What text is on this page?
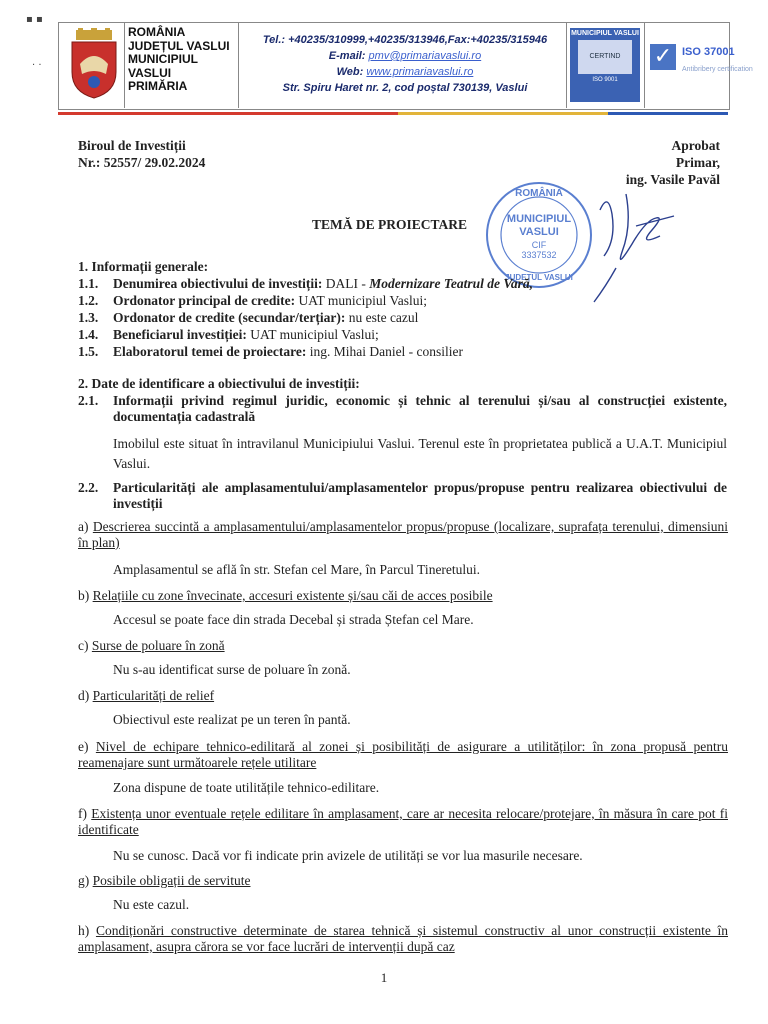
▪ ▪
· ·
ROMÂNIA
JUDEȚUL VASLUI
MUNICIPIUL
VASLUI
PRIMĂRIA
Tel.: +40235/310999,+40235/313946,Fax:+40235/315946
E-mail: pmv@primariavaslui.ro
Web: www.primariavaslui.ro
Str. Spiru Haret nr. 2, cod poștal 730139, Vaslui
MUNICIPIUL VASLUI
CERTIND
ISO 9001
✓ ISO 37001
Antibribery certification
Biroul de Investiții
Nr.: 52557/ 29.02.2024
Aprobat
Primar,
ing. Vasile Pavăl
ROMÂNIA
MUNICIPIUL
VASLUI
CIF
3337532
JUDEȚUL VASLUI
TEMĂ DE PROIECTARE
1. Informații generale:
1.1. Denumirea obiectivului de investiții: DALI - Modernizare Teatrul de Vară,
1.2. Ordonator principal de credite: UAT municipiul Vaslui;
1.3. Ordonator de credite (secundar/terțiar): nu este cazul
1.4. Beneficiarul investiției: UAT municipiul Vaslui;
1.5. Elaboratorul temei de proiectare: ing. Mihai Daniel - consilier
2. Date de identificare a obiectivului de investiții:
2.1. Informații privind regimul juridic, economic și tehnic al terenului și/sau al construcției existente, documentația cadastrală
Imobilul este situat în intravilanul Municipiului Vaslui. Terenul este în proprietatea publică a U.A.T. Municipiul Vaslui.
2.2. Particularități ale amplasamentului/amplasamentelor propus/propuse pentru realizarea obiectivului de investiții
a) Descrierea succintă a amplasamentului/amplasamentelor propus/propuse (localizare, suprafața terenului, dimensiuni în plan)
Amplasamentul se află în str. Stefan cel Mare, în Parcul Tineretului.
b) Relațiile cu zone învecinate, accesuri existente și/sau căi de acces posibile
Accesul se poate face din strada Decebal și strada Ștefan cel Mare.
c) Surse de poluare în zonă
Nu s-au identificat surse de poluare în zonă.
d) Particularități de relief
Obiectivul este realizat pe un teren în pantă.
e) Nivel de echipare tehnico-edilitară al zonei și posibilități de asigurare a utilităților: în zona propusă pentru reamenajare sunt următoarele rețele utilitare
Zona dispune de toate utilitățile tehnico-edilitare.
f) Existența unor eventuale rețele edilitare în amplasament, care ar necesita relocare/protejare, în măsura în care pot fi identificate
Nu se cunosc. Dacă vor fi indicate prin avizele de utilități se vor lua masurile necesare.
g) Posibile obligații de servitute
Nu este cazul.
h) Condiționări constructive determinate de starea tehnică și sistemul constructiv al unor construcții existente în amplasament, asupra cărora se vor face lucrări de intervenții după caz
1
